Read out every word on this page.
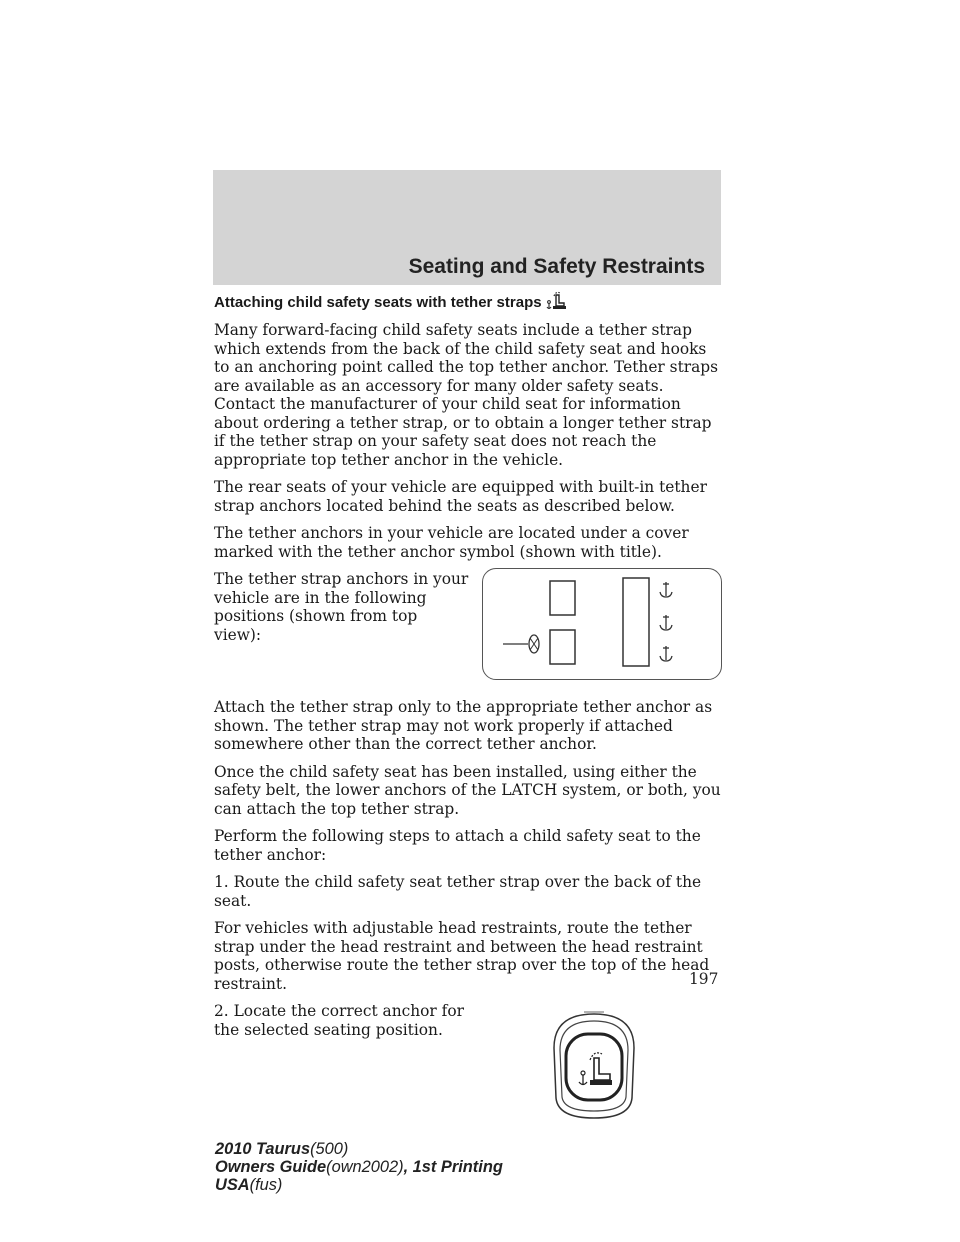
Seating and Safety Restraints
Attaching child safety seats with tether straps

Many forward-facing child safety seats include a tether strap which extends from the back of the child safety seat and hooks to an anchoring point called the top tether anchor. Tether straps are available as an accessory for many older safety seats. Contact the manufacturer of your child seat for information about ordering a tether strap, or to obtain a longer tether strap if the tether strap on your safety seat does not reach the appropriate top tether anchor in the vehicle.

The rear seats of your vehicle are equipped with built-in tether strap anchors located behind the seats as described below.

The tether anchors in your vehicle are located under a cover marked with the tether anchor symbol (shown with title).

The tether strap anchors in your vehicle are in the following positions (shown from top view):

Attach the tether strap only to the appropriate tether anchor as shown. The tether strap may not work properly if attached somewhere other than the correct tether anchor.

Once the child safety seat has been installed, using either the safety belt, the lower anchors of the LATCH system, or both, you can attach the top tether strap.

Perform the following steps to attach a child safety seat to the tether anchor:

1. Route the child safety seat tether strap over the back of the seat.

For vehicles with adjustable head restraints, route the tether strap under the head restraint and between the head restraint posts, otherwise route the tether strap over the top of the head restraint.

2. Locate the correct anchor for the selected seating position.

197
2010 Taurus(500)
Owners Guide(own2002), 1st Printing
USA(fus)
